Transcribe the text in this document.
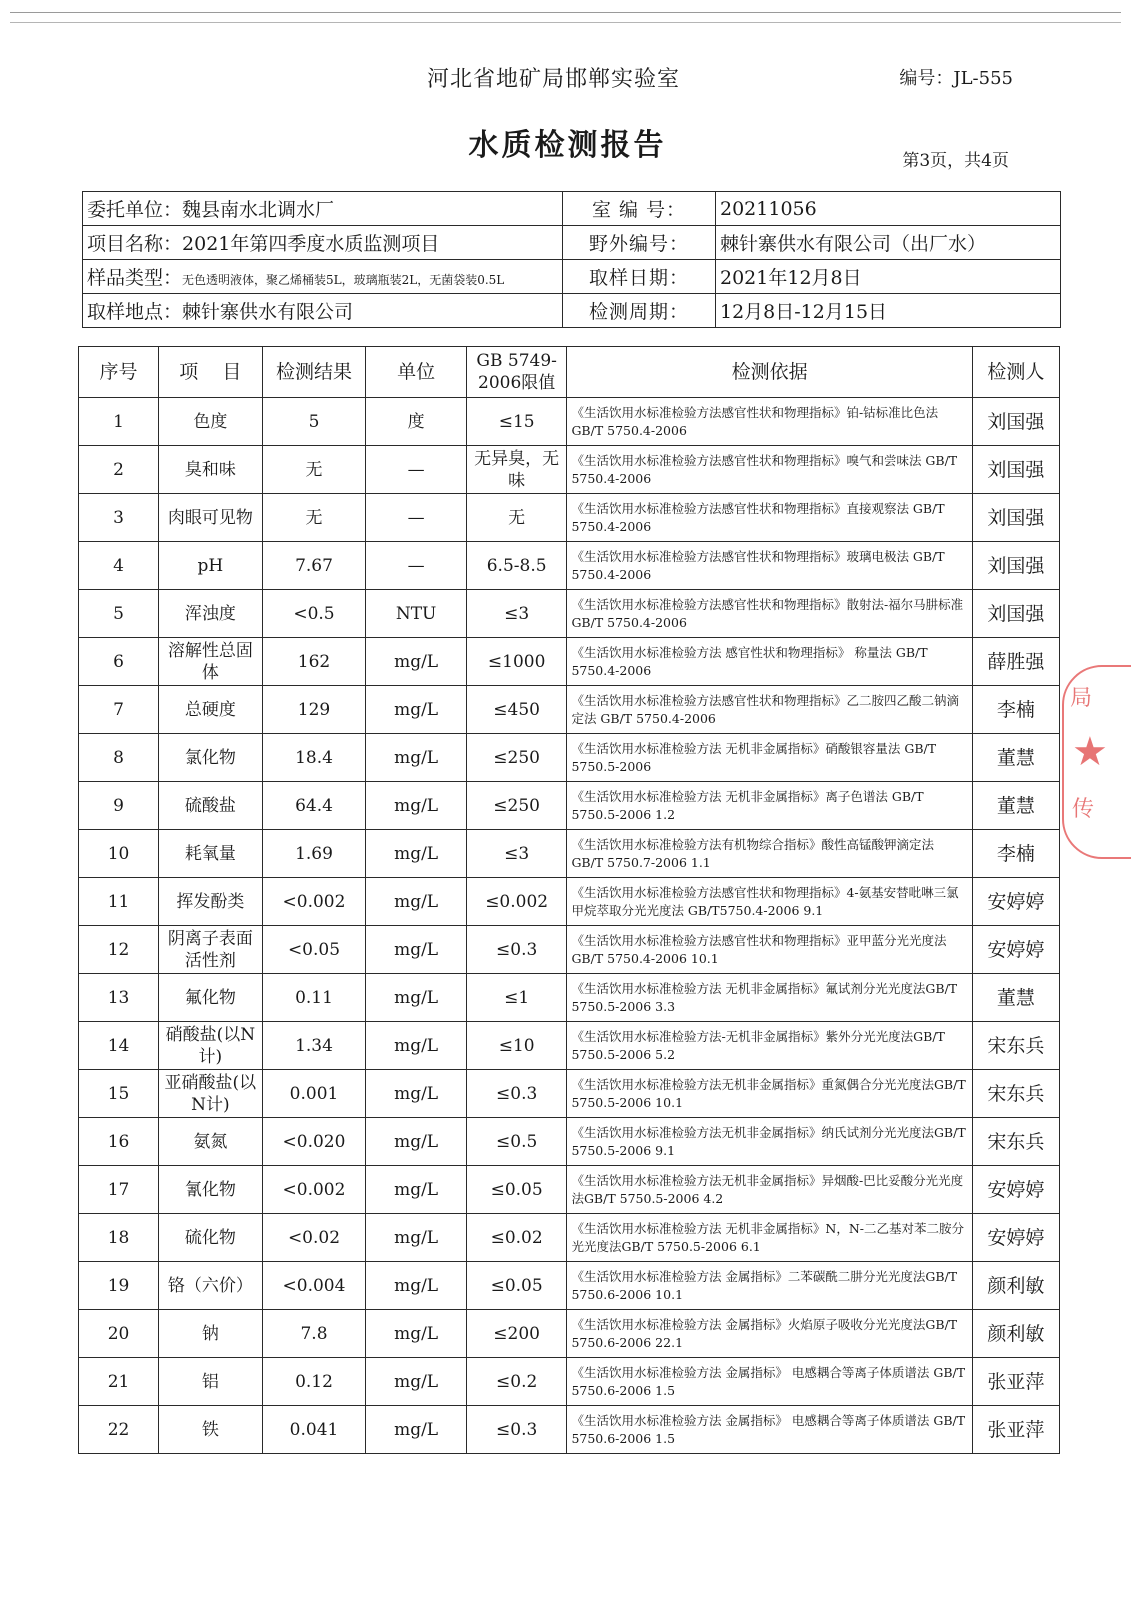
河北省地矿局邯郸实验室	编号：JL-555
水质检测报告	第3页，共4页
委托单位：魏县南水北调水厂	室 编 号：	20211056
项目名称：2021年第四季度水质监测项目	野外编号：	棘针寨供水有限公司（出厂水）
样品类型：无色透明液体，聚乙烯桶装5L，玻璃瓶装2L，无菌袋装0.5L	取样日期：	2021年12月8日
取样地点：棘针寨供水有限公司	检测周期：	12月8日-12月15日
序号	项    目	检测结果	单位	GB 5749-2006限值	检测依据	检测人
1	色度	5	度	≤15	《生活饮用水标准检验方法感官性状和物理指标》铂-钴标准比色法 GB/T 5750.4-2006	刘国强
2	臭和味	无	—	无异臭，无味	《生活饮用水标准检验方法感官性状和物理指标》嗅气和尝味法 GB/T 5750.4-2006	刘国强
3	肉眼可见物	无	—	无	《生活饮用水标准检验方法感官性状和物理指标》直接观察法 GB/T 5750.4-2006	刘国强
4	pH	7.67	—	6.5-8.5	《生活饮用水标准检验方法感官性状和物理指标》玻璃电极法 GB/T 5750.4-2006	刘国强
5	浑浊度	<0.5	NTU	≤3	《生活饮用水标准检验方法感官性状和物理指标》散射法-福尔马肼标准 GB/T 5750.4-2006	刘国强
6	溶解性总固体	162	mg/L	≤1000	《生活饮用水标准检验方法 感官性状和物理指标》 称量法 GB/T 5750.4-2006	薛胜强
7	总硬度	129	mg/L	≤450	《生活饮用水标准检验方法感官性状和物理指标》乙二胺四乙酸二钠滴定法 GB/T 5750.4-2006	李楠
8	氯化物	18.4	mg/L	≤250	《生活饮用水标准检验方法 无机非金属指标》硝酸银容量法 GB/T 5750.5-2006	董慧
9	硫酸盐	64.4	mg/L	≤250	《生活饮用水标准检验方法 无机非金属指标》离子色谱法 GB/T 5750.5-2006 1.2	董慧
10	耗氧量	1.69	mg/L	≤3	《生活饮用水标准检验方法有机物综合指标》酸性高锰酸钾滴定法 GB/T 5750.7-2006 1.1	李楠
11	挥发酚类	<0.002	mg/L	≤0.002	《生活饮用水标准检验方法感官性状和物理指标》4-氨基安替吡啉三氯甲烷萃取分光光度法 GB/T5750.4-2006 9.1	安婷婷
12	阴离子表面活性剂	<0.05	mg/L	≤0.3	《生活饮用水标准检验方法感官性状和物理指标》亚甲蓝分光光度法GB/T 5750.4-2006 10.1	安婷婷
13	氟化物	0.11	mg/L	≤1	《生活饮用水标准检验方法 无机非金属指标》氟试剂分光光度法GB/T 5750.5-2006 3.3	董慧
14	硝酸盐(以N计)	1.34	mg/L	≤10	《生活饮用水标准检验方法-无机非金属指标》紫外分光光度法GB/T 5750.5-2006 5.2	宋东兵
15	亚硝酸盐(以N计)	0.001	mg/L	≤0.3	《生活饮用水标准检验方法无机非金属指标》重氮偶合分光光度法GB/T 5750.5-2006 10.1	宋东兵
16	氨氮	<0.020	mg/L	≤0.5	《生活饮用水标准检验方法无机非金属指标》纳氏试剂分光光度法GB/T 5750.5-2006 9.1	宋东兵
17	氰化物	<0.002	mg/L	≤0.05	《生活饮用水标准检验方法无机非金属指标》异烟酸-巴比妥酸分光光度法GB/T 5750.5-2006 4.2	安婷婷
18	硫化物	<0.02	mg/L	≤0.02	《生活饮用水标准检验方法 无机非金属指标》N，N-二乙基对苯二胺分光光度法GB/T 5750.5-2006 6.1	安婷婷
19	铬（六价）	<0.004	mg/L	≤0.05	《生活饮用水标准检验方法 金属指标》二苯碳酰二肼分光光度法GB/T 5750.6-2006 10.1	颜利敏
20	钠	7.8	mg/L	≤200	《生活饮用水标准检验方法 金属指标》火焰原子吸收分光光度法GB/T 5750.6-2006 22.1	颜利敏
21	铝	0.12	mg/L	≤0.2	《生活饮用水标准检验方法 金属指标》 电感耦合等离子体质谱法 GB/T 5750.6-2006 1.5	张亚萍
22	铁	0.041	mg/L	≤0.3	《生活饮用水标准检验方法 金属指标》 电感耦合等离子体质谱法 GB/T 5750.6-2006 1.5	张亚萍
局
★
传
